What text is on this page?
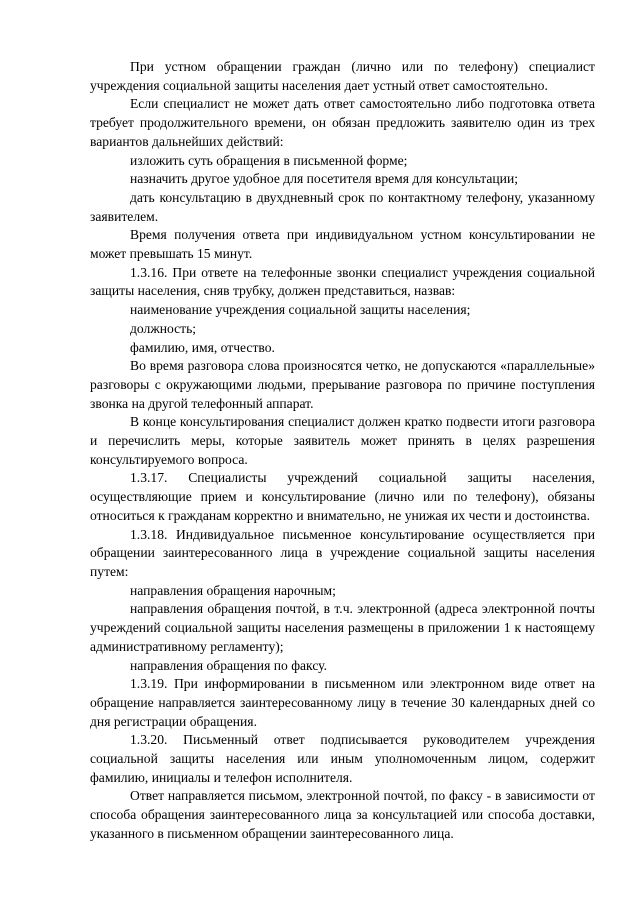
При устном обращении граждан (лично или по телефону) специалист учреждения социальной защиты населения дает устный ответ самостоятельно.

Если специалист не может дать ответ самостоятельно либо подготовка ответа требует продолжительного времени, он обязан предложить заявителю один из трех вариантов дальнейших действий:

изложить суть обращения в письменной форме;

назначить другое удобное для посетителя время для консультации;

дать консультацию в двухдневный срок по контактному телефону, указанному заявителем.

Время получения ответа при индивидуальном устном консультировании не может превышать 15 минут.

1.3.16. При ответе на телефонные звонки специалист учреждения социальной защиты населения, сняв трубку, должен представиться, назвав:

наименование учреждения социальной защиты населения;

должность;

фамилию, имя, отчество.

Во время разговора слова произносятся четко, не допускаются «параллельные» разговоры с окружающими людьми, прерывание разговора по причине поступления звонка на другой телефонный аппарат.

В конце консультирования специалист должен кратко подвести итоги разговора и перечислить меры, которые заявитель может принять в целях разрешения консультируемого вопроса.

1.3.17. Специалисты учреждений социальной защиты населения, осуществляющие прием и консультирование (лично или по телефону), обязаны относиться к гражданам корректно и внимательно, не унижая их чести и достоинства.

1.3.18. Индивидуальное письменное консультирование осуществляется при обращении заинтересованного лица в учреждение социальной защиты населения путем:

направления обращения нарочным;

направления обращения почтой, в т.ч. электронной (адреса электронной почты учреждений социальной защиты населения размещены в приложении 1 к настоящему административному регламенту);

направления обращения по факсу.

1.3.19. При информировании в письменном или электронном виде ответ на обращение направляется заинтересованному лицу в течение 30 календарных дней со дня регистрации обращения.

1.3.20. Письменный ответ подписывается руководителем учреждения социальной защиты населения или иным уполномоченным лицом, содержит фамилию, инициалы и телефон исполнителя.

Ответ направляется письмом, электронной почтой, по факсу - в зависимости от способа обращения заинтересованного лица за консультацией или способа доставки, указанного в письменном обращении заинтересованного лица.
